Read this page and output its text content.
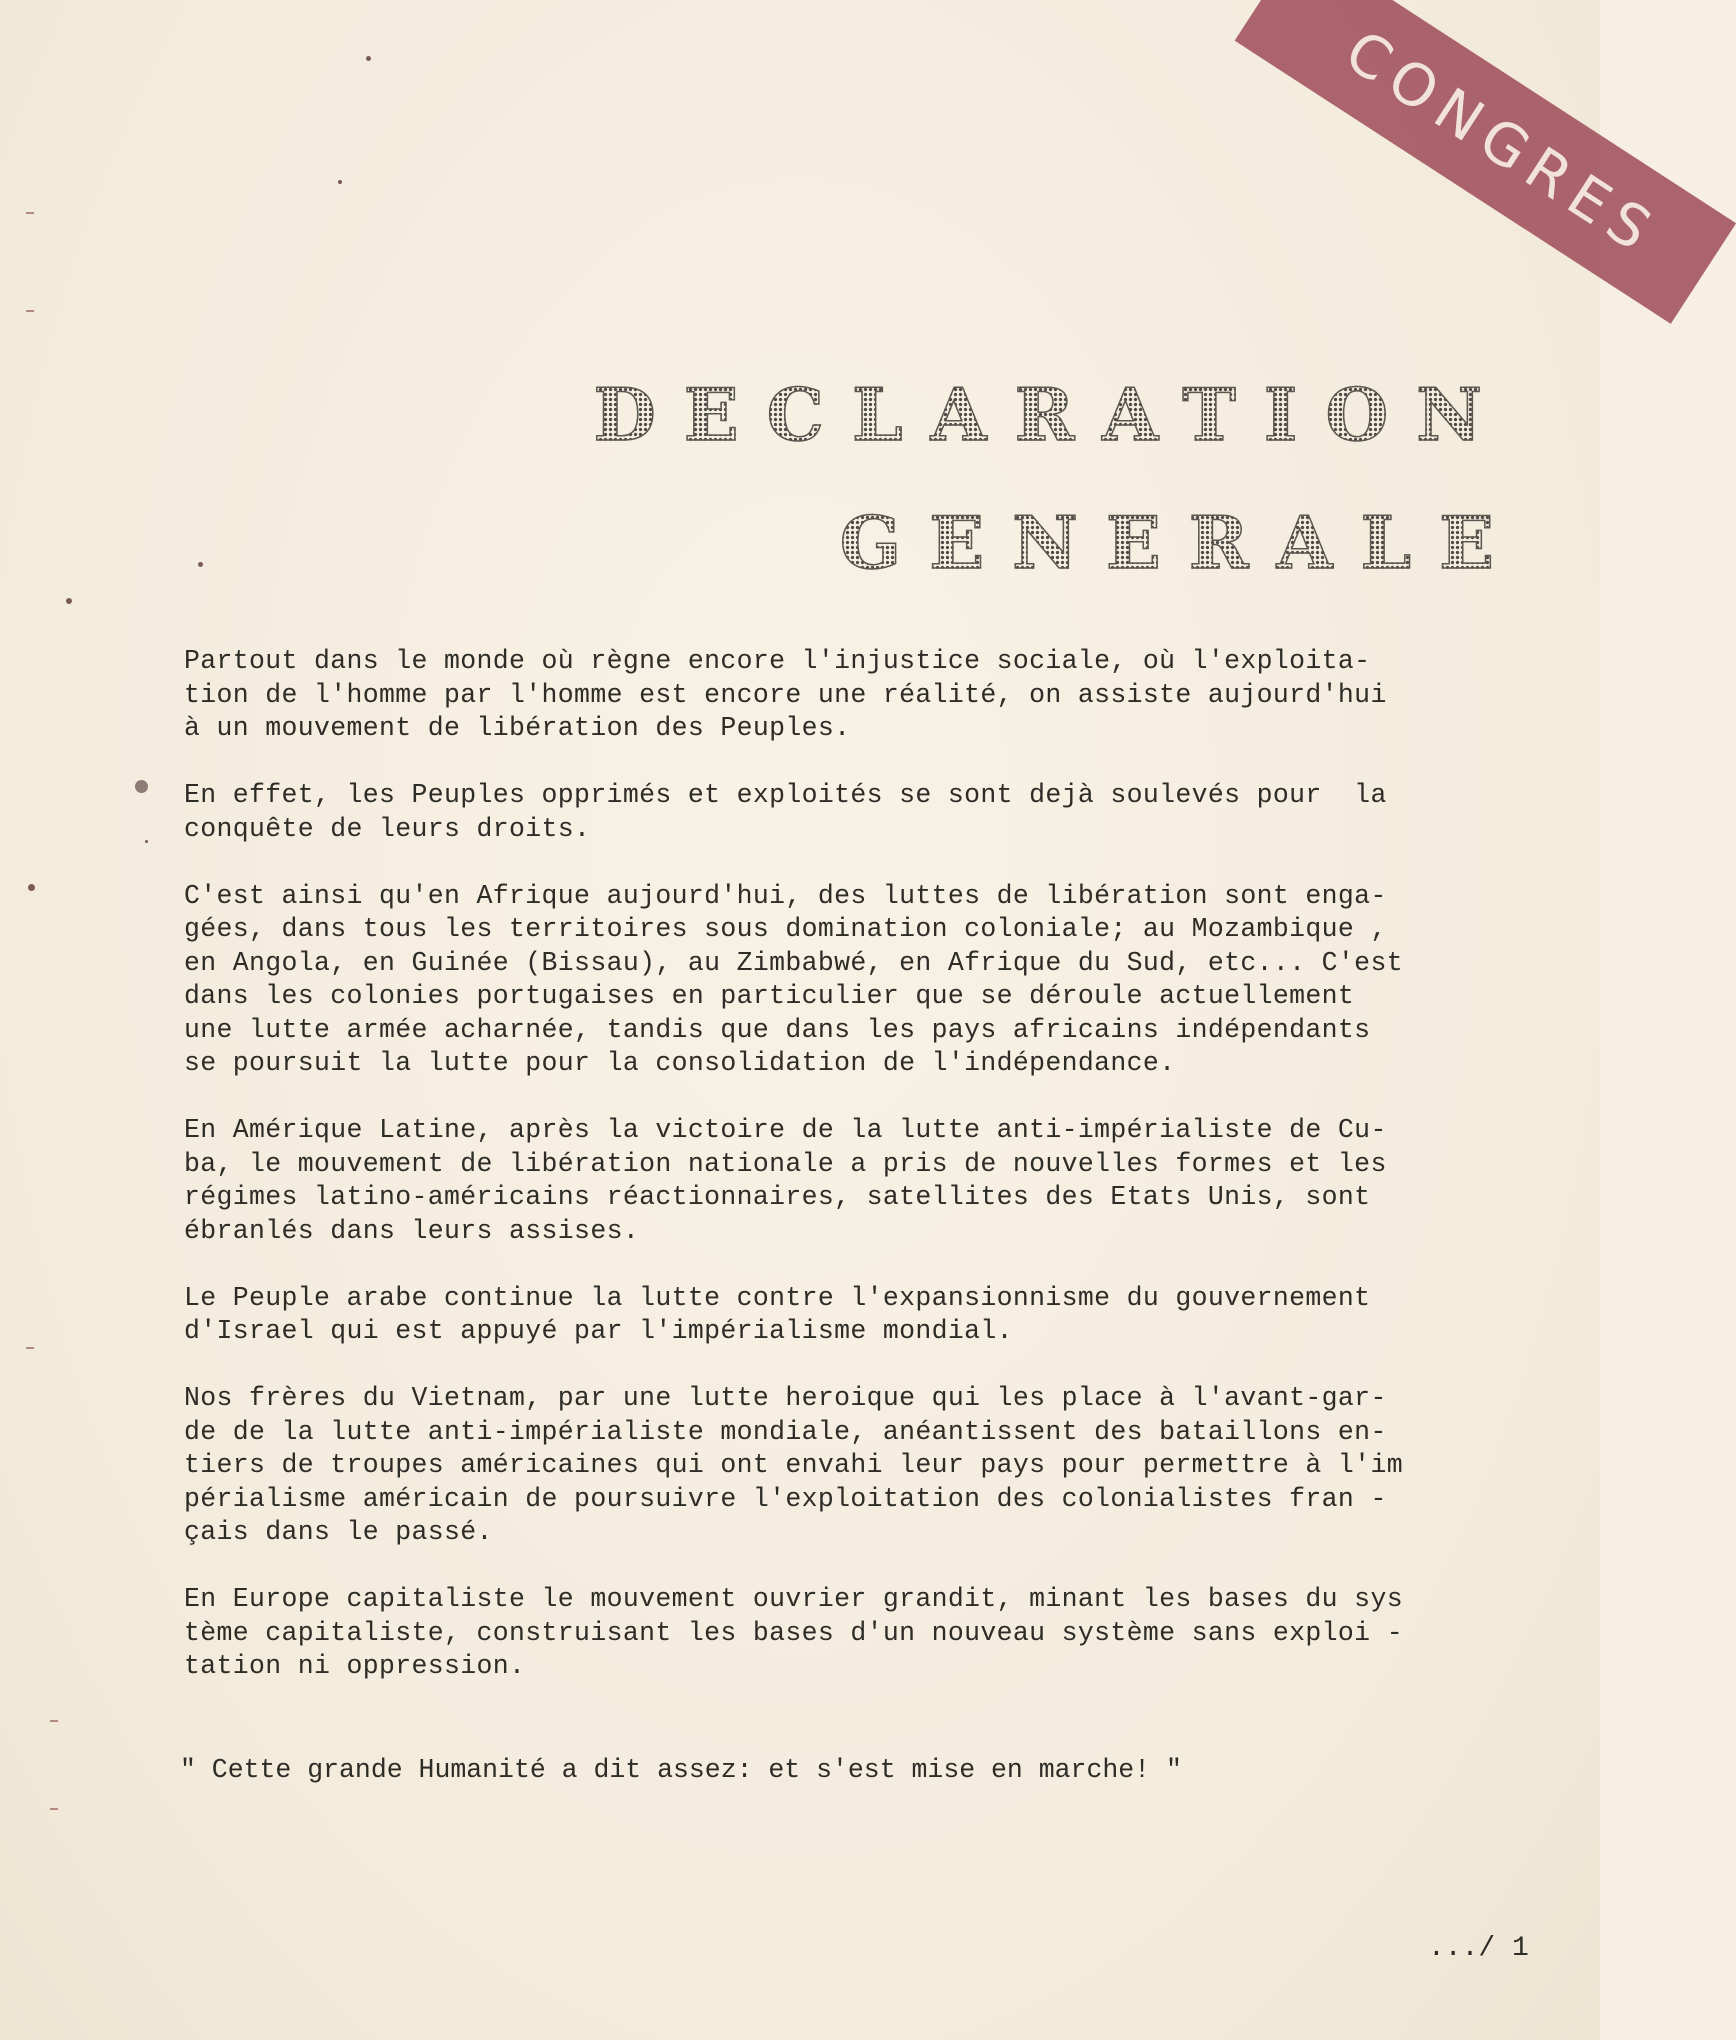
CONGRES
DECLARATION
GENERALE

Partout dans le monde où règne encore l'injustice sociale, où l'exploita-
tion de l'homme par l'homme est encore une réalité, on assiste aujourd'hui
à un mouvement de libération des Peuples.

En effet, les Peuples opprimés et exploités se sont dejà soulevés pour  la
conquête de leurs droits.

C'est ainsi qu'en Afrique aujourd'hui, des luttes de libération sont enga-
gées, dans tous les territoires sous domination coloniale; au Mozambique ,
en Angola, en Guinée (Bissau), au Zimbabwé, en Afrique du Sud, etc... C'est
dans les colonies portugaises en particulier que se déroule actuellement
une lutte armée acharnée, tandis que dans les pays africains indépendants
se poursuit la lutte pour la consolidation de l'indépendance.

En Amérique Latine, après la victoire de la lutte anti-impérialiste de Cu-
ba, le mouvement de libération nationale a pris de nouvelles formes et les
régimes latino-américains réactionnaires, satellites des Etats Unis, sont
ébranlés dans leurs assises.

Le Peuple arabe continue la lutte contre l'expansionnisme du gouvernement
d'Israel qui est appuyé par l'impérialisme mondial.

Nos frères du Vietnam, par une lutte heroique qui les place à l'avant-gar-
de de la lutte anti-impérialiste mondiale, anéantissent des bataillons en-
tiers de troupes américaines qui ont envahi leur pays pour permettre à l'im
périalisme américain de poursuivre l'exploitation des colonialistes fran -
çais dans le passé.

En Europe capitaliste le mouvement ouvrier grandit, minant les bases du sys
tème capitaliste, construisant les bases d'un nouveau système sans exploi -
tation ni oppression.

" Cette grande Humanité a dit assez: et s'est mise en marche! "
.../ 1
